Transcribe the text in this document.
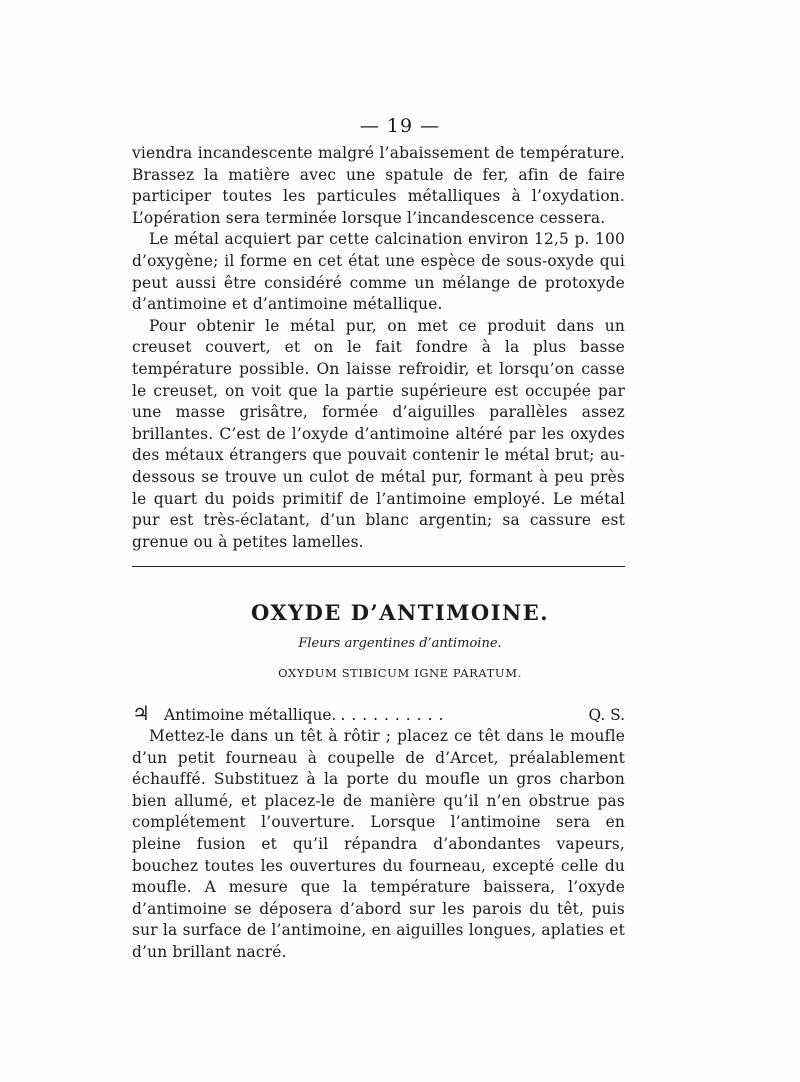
— 19 —

viendra incandescente malgré l’abaissement de température. Brassez la matière avec une spatule de fer, afin de faire participer toutes les particules métalliques à l’oxydation. L’opération sera terminée lorsque l’incandescence cessera.

Le métal acquiert par cette calcination environ 12,5 p. 100 d’oxygène; il forme en cet état une espèce de sous-oxyde qui peut aussi être considéré comme un mélange de protoxyde d’antimoine et d’antimoine métallique.

Pour obtenir le métal pur, on met ce produit dans un creuset couvert, et on le fait fondre à la plus basse température possible. On laisse refroidir, et lorsqu’on casse le creuset, on voit que la partie supérieure est occupée par une masse grisâtre, formée d’aiguilles parallèles assez brillantes. C’est de l’oxyde d’antimoine altéré par les oxydes des métaux étrangers que pouvait contenir le métal brut; au-dessous se trouve un culot de métal pur, formant à peu près le quart du poids primitif de l’antimoine employé. Le métal pur est très-éclatant, d’un blanc argentin; sa cassure est grenue ou à petites lamelles.

OXYDE D’ANTIMOINE.
Fleurs argentines d’antimoine.
OXYDUM STIBICUM IGNE PARATUM.
♃ Antimoine métallique. ..........	Q. S.

Mettez-le dans un têt à rôtir ; placez ce têt dans le moufle d’un petit fourneau à coupelle de d’Arcet, préalablement échauffé. Substituez à la porte du moufle un gros charbon bien allumé, et placez-le de manière qu’il n’en obstrue pas complétement l’ouverture. Lorsque l’antimoine sera en pleine fusion et qu’il répandra d’abondantes vapeurs, bouchez toutes les ouvertures du fourneau, excepté celle du moufle. A mesure que la température baissera, l’oxyde d’antimoine se déposera d’abord sur les parois du têt, puis sur la surface de l’antimoine, en aiguilles longues, aplaties et d’un brillant nacré.
